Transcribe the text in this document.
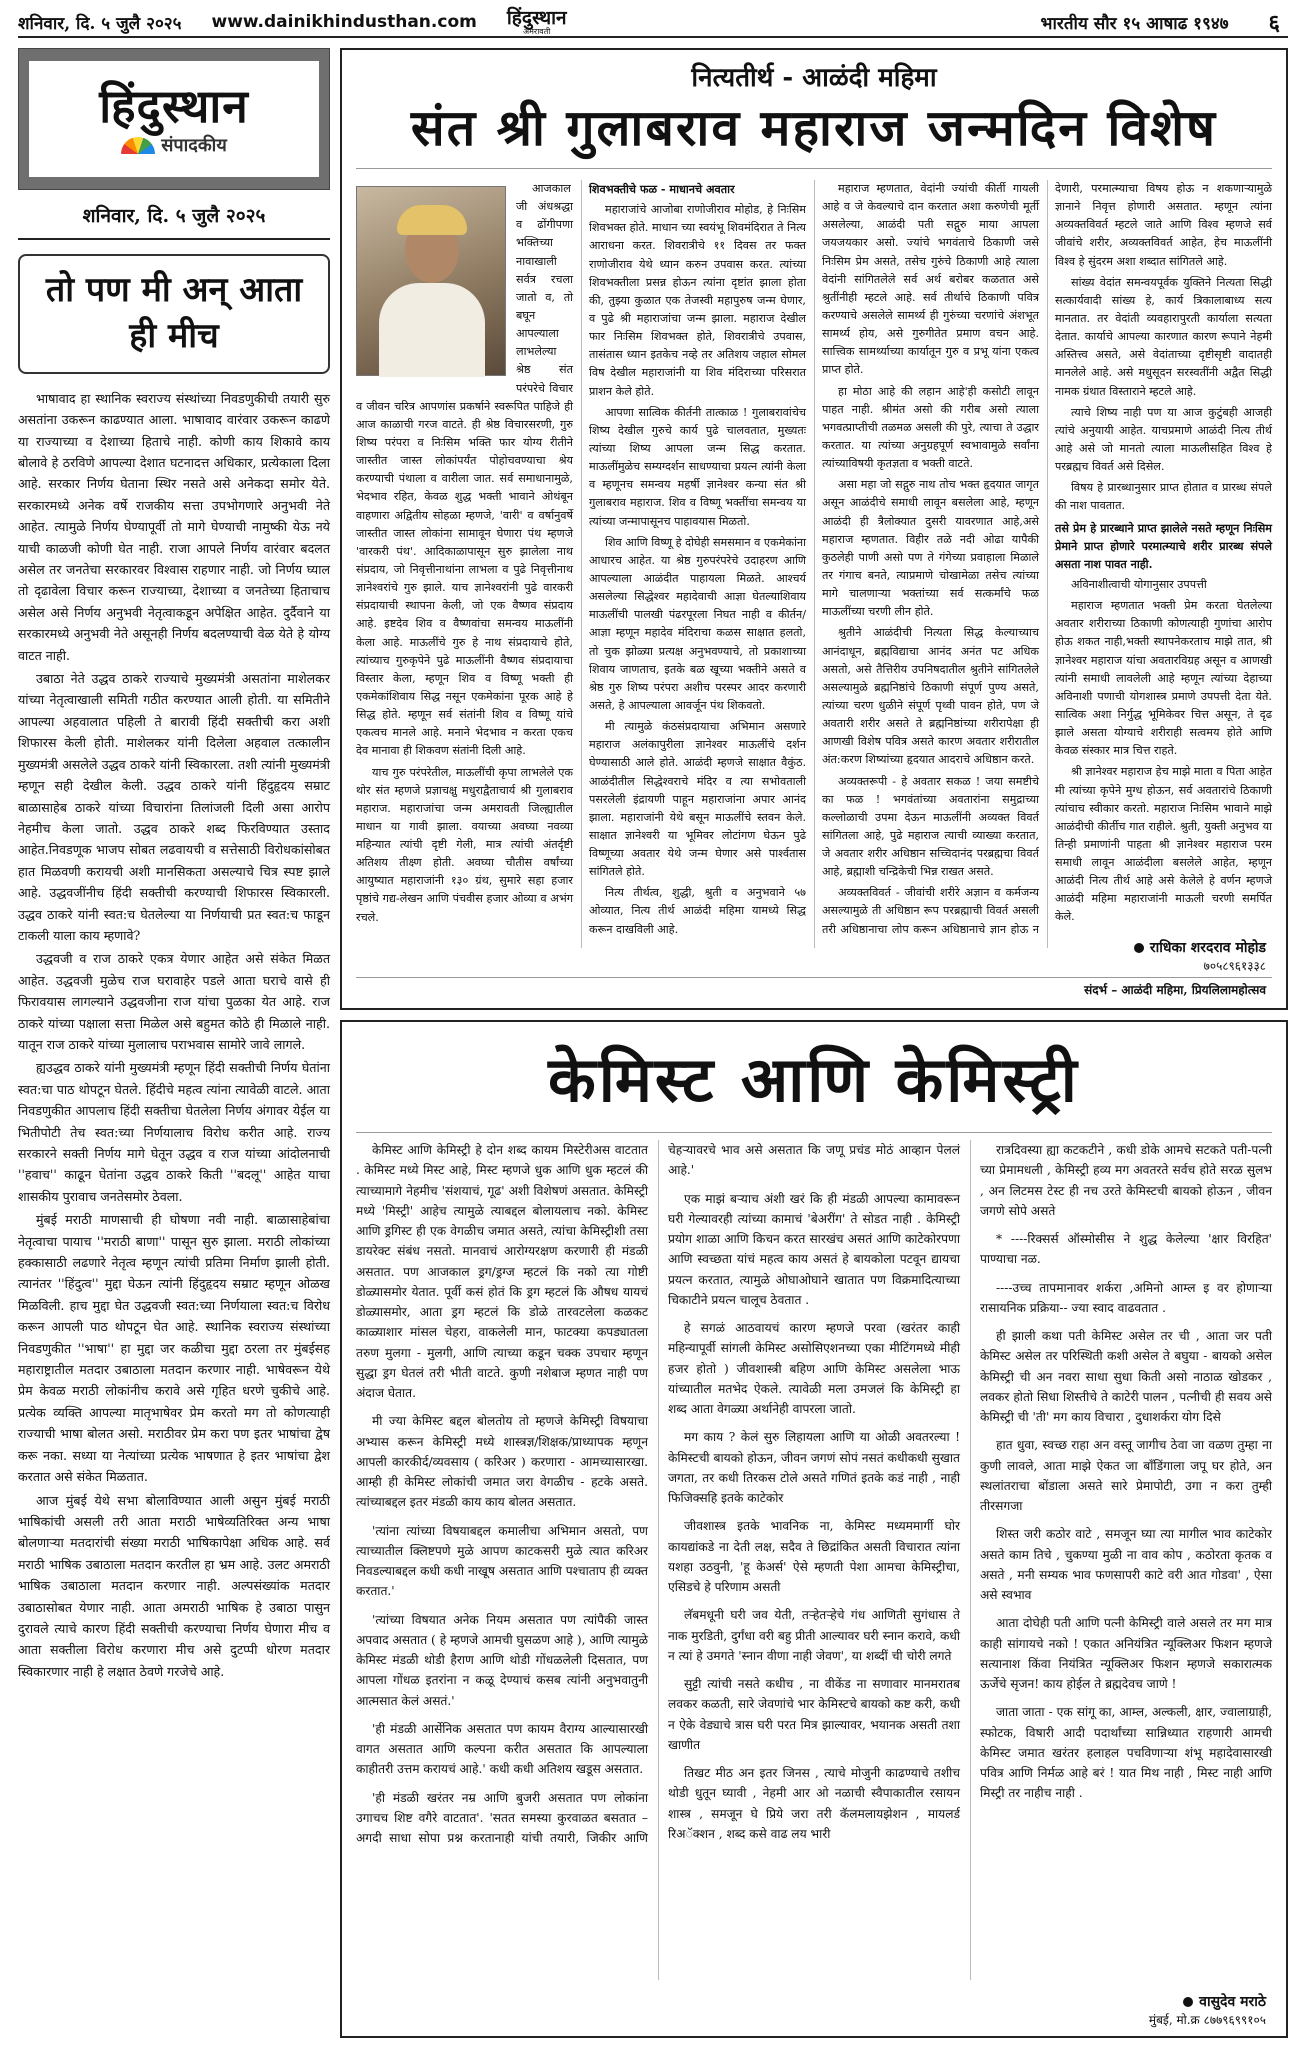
शनिवार, दि. ५ जुलै २०२५ www.dainikhindusthan.com हिंदुस्थान
अमरावती	भारतीय सौर १५ आषाढ १९४७ ६
हिंदुस्थान
संपादकीय
शनिवार, दि. ५ जुलै २०२५
तो पण मी अन् आता ही मीच

भाषावाद हा स्थानिक स्वराज्य संस्थांच्या निवडणुकीची तयारी सुरु असतांना उकरून काढण्यात आला. भाषावाद वारंवार उकरून काढणे या राज्याच्या व देशाच्या हिताचे नाही. कोणी काय शिकावे काय बोलावे हे ठरविणे आपल्या देशात घटनादत्त अधिकार, प्रत्येकाला दिला आहे. सरकार निर्णय घेताना स्थिर नसते असे अनेकदा समोर येते. सरकारमध्ये अनेक वर्षे राजकीय सत्ता उपभोगणारे अनुभवी नेते आहेत. त्यामुळे निर्णय घेण्यापूर्वी तो मागे घेण्याची नामुष्की येऊ नये याची काळजी कोणी घेत नाही. राजा आपले निर्णय वारंवार बदलत असेल तर जनतेचा सरकारवर विश्वास राहणार नाही. जो निर्णय घ्याल तो दृढावेला विचार करून राज्याच्या, देशाच्या व जनतेच्या हिताचाच असेल असे निर्णय अनुभवी नेतृत्वाकडून अपेक्षित आहेत. दुर्दैवाने या सरकारमध्ये अनुभवी नेते असूनही निर्णय बदलण्याची वेळ येते हे योग्य वाटत नाही.

उबाठा नेते उद्धव ठाकरे राज्याचे मुख्यमंत्री असतांना माशेलकर यांच्या नेतृत्वाखाली समिती गठीत करण्यात आली होती. या समितीने आपल्या अहवालात पहिली ते बारावी हिंदी सक्तीची करा अशी शिफारस केली होती. माशेलकर यांनी दिलेला अहवाल तत्कालीन मुख्यमंत्री असलेले उद्धव ठाकरे यांनी स्विकारला. तशी त्यांनी मुख्यमंत्री म्हणून सही देखील केली. उद्धव ठाकरे यांनी हिंदुहृदय सम्राट बाळासाहेब ठाकरे यांच्या विचारांना तिलांजली दिली असा आरोप नेहमीच केला जातो. उद्धव ठाकरे शब्द फिरविण्यात उस्ताद आहेत.निवडणूक भाजप सोबत लढवायची व सत्तेसाठी विरोधकांसोबत हात मिळवणी करायची अशी मानसिकता असल्याचे चित्र स्पष्ट झाले आहे. उद्धवजींनीच हिंदी सक्तीची करण्याची शिफारस स्विकारली. उद्धव ठाकरे यांनी स्वत:च घेतलेल्या या निर्णयाची प्रत स्वत:च फाडून टाकली याला काय म्हणावे?

उद्धवजी व राज ठाकरे एकत्र येणार आहेत असे संकेत मिळत आहेत. उद्धवजी मुळेच राज घरावाहेर पडले आता घराचे वासे ही फिरावयास लागल्याने उद्धवजीना राज यांचा पुळका येत आहे. राज ठाकरे यांच्या पक्षाला सत्ता मिळेल असे बहुमत कोठे ही मिळाले नाही. यातून राज ठाकरे यांच्या मुलालाच पराभवास सामोरे जावे लागले.

ह्यउद्धव ठाकरे यांनी मुख्यमंत्री म्हणून हिंदी सक्तीची निर्णय घेतांना स्वत:चा पाठ थोपटून घेतले. हिंदीचे महत्व त्यांना त्यावेळी वाटले. आता निवडणुकीत आपलाच हिंदी सक्तीचा घेतलेला निर्णय अंगावर येईल या भितीपोटी तेच स्वत:च्या निर्णयालाच विरोध करीत आहे. राज्य सरकारने सक्ती निर्णय मागे घेतून उद्धव व राज यांच्या आंदोलनाची ''हवाच'' काढून घेतांना उद्धव ठाकरे किती ''बदलू'' आहेत याचा शासकीय पुरावाच जनतेसमोर ठेवला.

मुंबई मराठी माणसाची ही घोषणा नवी नाही. बाळासाहेबांचा नेतृत्वाचा पायाच ''मराठी बाणा'' पासून सुरु झाला. मराठी लोकांच्या हक्कासाठी लढणारे नेतृत्व म्हणून त्यांची प्रतिमा निर्माण झाली होती. त्यानंतर ''हिंदुत्व'' मुद्दा घेऊन त्यांनी हिंदुहृदय सम्राट म्हणून ओळख मिळविली. हाच मुद्दा घेत उद्धवजी स्वत:च्या निर्णयाला स्वत:च विरोध करून आपली पाठ थोपटून घेत आहे. स्थानिक स्वराज्य संस्थांच्या निवडणुकीत ''भाषा'' हा मुद्दा जर कळीचा मुद्दा ठरला तर मुंबईसह महाराष्ट्रातील मतदार उबाठाला मतदान करणार नाही. भाषेवरून येथे प्रेम केवळ मराठी लोकांनीच करावे असे गृहित धरणे चुकीचे आहे. प्रत्येक व्यक्ति आपल्या मातृभाषेवर प्रेम करतो मग तो कोणत्याही राज्याची भाषा बोलत असो. मराठीवर प्रेम करा पण इतर भाषांचा द्वेष करू नका. सध्या या नेत्यांच्या प्रत्येक भाषणात हे इतर भाषांचा द्वेश करतात असे संकेत मिळतात.

आज मुंबई येथे सभा बोलाविण्यात आली असुन मुंबई मराठी भाषिकांची असली तरी आता मराठी भाषेव्यतिरिक्त अन्य भाषा बोलणाऱ्या मतदारांची संख्या मराठी भाषिकापेक्षा अधिक आहे. सर्व मराठी भाषिक उबाठाला मतदान करतील हा भ्रम आहे. उलट अमराठी भाषिक उबाठाला मतदान करणार नाही. अल्पसंख्यांक मतदार उबाठासोबत येणार नाही. आता अमराठी भाषिक हे उबाठा पासुन दुरावले त्याचे कारण हिंदी सक्तीची करण्याचा निर्णय घेणारा मीच व आता सक्तीला विरोध करणारा मीच असे दुटप्पी धोरण मतदार स्विकारणार नाही हे लक्षात ठेवणे गरजेचे आहे.

नित्यतीर्थ - आळंदी महिमा
संत श्री गुलाबराव महाराज जन्मदिन विशेष

आजकाल जी अंधश्रद्धा व ढोंगीपणा भक्तिच्या नावाखाली सर्वत्र रचला जातो व, तो बघून आपल्याला लाभलेल्या श्रेष्ठ संत परंपरेचे विचार व जीवन चरित्र आपणांस प्रकर्षाने स्वरूपित पाहिजे ही आज काळाची गरज वाटते. ही श्रेष्ठ विचारसरणी, गुरु शिष्य परंपरा व निःसिम भक्ति फार योग्य रीतीने जास्तीत जास्त लोकांपर्यंत पोहोचवण्याचा श्रेय करण्याची पंथाला व वारीला जात. सर्व समाधानामुळे, भेदभाव रहित, केवळ शुद्ध भक्ती भावाने ओथंबून वाहणारा अद्वितीय सोहळा म्हणजे, 'वारी' व वर्षानुवर्षे जास्तीत जास्त लोकांना सामावून घेणारा पंथ म्हणजे 'वारकरी पंथ'. आदिकाळापासून सुरु झालेला नाथ संप्रदाय, जो निवृत्तीनाथांना लाभला व पुढे निवृत्तीनाथ ज्ञानेश्वरांचे गुरु झाले. याच ज्ञानेश्वरांनी पुढे वारकरी संप्रदायाची स्थापना केली, जो एक वैष्णव संप्रदाय आहे. इष्टदेव शिव व वैष्णवांचा समन्वय माऊलींनी केला आहे. माऊलींचे गुरु हे नाथ संप्रदायाचे होते, त्यांच्याच गुरुकृपेने पुढे माऊलींनी वैष्णव संप्रदायाचा विस्तार केला, म्हणून शिव व विष्णू भक्ती ही एकमेकांशिवाय सिद्ध नसून एकमेकांना पूरक आहे हे सिद्ध होते. म्हणून सर्व संतांनी शिव व विष्णू यांचे एकत्वच मानले आहे. मनाने भेदभाव न करता एकच देव मानावा ही शिकवण संतांनी दिली आहे.

याच गुरु परंपरेतील, माऊलींची कृपा लाभलेले एक थोर संत म्हणजे प्रज्ञाचक्षु मधुराद्वैताचार्य श्री गुलाबराव महाराज. महाराजांचा जन्म अमरावती जिल्ह्यातील माधान या गावी झाला. वयाच्या अवघ्या नवव्या महिन्यात त्यांची दृष्टी गेली, मात्र त्यांची अंतर्दृष्टी अतिशय तीक्ष्ण होती. अवघ्या चौतीस वर्षांच्या आयुष्यात महाराजांनी १३० ग्रंथ, सुमारे सहा हजार पृष्ठांचे गद्य-लेखन आणि पंचवीस हजार ओव्या व अभंग रचले.

शिवभक्तीचे फळ - माधानचे अवतार

महाराजांचे आजोबा राणोजीराव मोहोड, हे निःसिम शिवभक्त होते. माधान च्या स्वयंभू शिवमंदिरात ते नित्य आराधना करत. शिवरात्रीचे ११ दिवस तर फक्त राणोजीराव येथे ध्यान करुन उपवास करत. त्यांच्या शिवभक्तीला प्रसन्न होऊन त्यांना दृष्टांत झाला होता की, तुझ्या कुळात एक तेजस्वी महापुरुष जन्म घेणार, व पुढे श्री महाराजांचा जन्म झाला. महाराज देखील फार निःसिम शिवभक्त होते, शिवरात्रीचे उपवास, तासंतास ध्यान इतकेच नव्हे तर अतिशय जहाल सोमल विष देखील महाराजांनी या शिव मंदिराच्या परिसरात प्राशन केले होते.

आपणा सात्विक कीर्तनी तात्काळ ! गुलाबरावांचेच शिष्य देखील गुरुचे कार्य पुढे चालवतात, मुख्यतः त्यांच्या शिष्य आपला जन्म सिद्ध करतात. माऊलींमुळेच सम्यग्दर्शन साधण्याचा प्रयत्न त्यांनी केला व म्हणूनच समन्वय महर्षी ज्ञानेश्वर कन्या संत श्री गुलाबराव महाराज. शिव व विष्णू भक्तींचा समन्वय या त्यांच्या जन्मापासूनच पाहावयास मिळतो.

शिव आणि विष्णू हे दोघेही समसमान व एकमेकांना आधारच आहेत. या श्रेष्ठ गुरुपरंपरेचे उदाहरण आणि आपल्याला आळंदीत पाहायला मिळते. आश्चर्य असलेल्या सिद्धेश्वर महादेवाची आज्ञा घेतल्याशिवाय माऊलींची पालखी पंढरपूरला निघत नाही व कीर्तन/आज्ञा म्हणून महादेव मंदिराचा कळस साक्षात हलतो, तो चुक झोळ्या प्रत्यक्ष अनुभवण्याचे, तो प्रकाशाच्या शिवाय जाणताच, इतके बळ खूच्या भक्तीने असते व श्रेष्ठ गुरु शिष्य परंपरा अशीच परस्पर आदर करणारी असते, हे आपल्याला आवर्जून पंथ शिकवतो.

मी त्यामुळे कंठसंप्रदायाचा अभिमान असणारे महाराज अलंकापुरीला ज्ञानेश्वर माऊलींचे दर्शन घेण्यासाठी आले होते. आळंदी म्हणजे साक्षात वैकुंठ. आळंदीतील सिद्धेश्वराचे मंदिर व त्या सभोवताली पसरलेली इंद्रायणी पाहून महाराजांना अपार आनंद झाला. महाराजांनी येथे बसून माऊलींचे स्तवन केले. साक्षात ज्ञानेश्वरी या भूमिवर लोटांगण घेऊन पुढे विष्णूच्या अवतार येथे जन्म घेणार असे पार्श्वतास सांगितले होते.

नित्य तीर्थत्व, शुद्धी, श्रुती व अनुभवाने ५७ ओव्यात, नित्य तीर्थ आळंदी महिमा यामध्ये सिद्ध करून दाखविली आहे.

महाराज म्हणतात, वेदांनी ज्यांची कीर्ती गायली आहे व जे केवल्याचे दान करतात अशा करुणेची मूर्ती असलेल्या, आळंदी पती सद्गुरु माया आपला जयजयकार असो. ज्यांचे भगवंताचे ठिकाणी जसे निःसिम प्रेम असते, तसेच गुरुंचे ठिकाणी आहे त्याला वेदांनी सांगितलेले सर्व अर्थ बरोबर कळतात असे श्रुतींनीही म्हटले आहे. सर्व तीर्थाचे ठिकाणी पवित्र करण्याचे असलेले सामर्थ्य ही गुरुंच्या चरणांचे अंशभूत सामर्थ्य होय, असे गुरुगीतेत प्रमाण वचन आहे. सात्त्विक सामर्थ्याच्या कार्यातून गुरु व प्रभू यांना एकत्व प्राप्त होते.

हा मोठा आहे की लहान आहे'ही कसोटी लावून पाहत नाही. श्रीमंत असो की गरीब असो त्याला भगवत्प्राप्तीची तळमळ असली की पुरे, त्याचा ते उद्धार करतात. या त्यांच्या अनुग्रहपूर्ण स्वभावामुळे सर्वांना त्यांच्याविषयी कृतज्ञता व भक्ती वाटते.

असा महा जो सद्गुरु नाथ तोच भक्त हृदयात जागृत असून आळंदीचे समाधी लावून बसलेला आहे, म्हणून आळंदी ही त्रैलोक्यात दुसरी यावरणात आहे,असे महाराज म्हणतात. विहीर तळे नदी ओढा यापैकी कुठलेही पाणी असो पण ते गंगेच्या प्रवाहाला मिळाले तर गंगाच बनते, त्याप्रमाणे चोखामेळा तसेच त्यांच्या मागे चालणाऱ्या भक्तांच्या सर्व सत्कर्मांचे फळ माऊलींच्या चरणी लीन होते.

श्रुतीने आळंदीची नित्यता सिद्ध केल्याच्याच आनंदाधून, ब्रह्मविद्याचा आनंद अनंत पट अधिक असतो, असे तैत्तिरीय उपनिषदातील श्रुतीने सांगितलेले असल्यामुळे ब्रह्मनिष्ठांचे ठिकाणी संपूर्ण पुण्य असते, त्यांच्या चरण धुळीने संपूर्ण पृथ्वी पावन होते, पण जे अवतारी शरीर असते ते ब्रह्मनिष्ठांच्या शरीरापेक्षा ही आणखी विशेष पवित्र असते कारण अवतार शरीरातील अंत:करण शिष्यांच्या हृदयात आदराचे अधिष्ठान करते.

अव्यक्तरूपी - हे अवतार सकळ ! जया समष्टीचे का फळ ! भगवंतांच्या अवतारांना समुद्राच्या कल्लोळाची उपमा देऊन माऊलींनी अव्यक्त विवर्त सांगितला आहे, पुढे महाराज त्याची व्याख्या करतात, जे अवतार शरीर अधिष्ठान सच्चिदानंद परब्रह्मचा विवर्त आहे, ब्रह्माशी चन्द्रिकेची भिन्न राखत असते.

अव्यक्तविवर्त - जीवांची शरीरे अज्ञान व कर्मजन्य असल्यामुळे ती अधिष्ठान रूप परब्रह्माची विवर्त असली तरी अधिष्ठानाचा लोप करून अधिष्ठानाचे ज्ञान होऊ न देणारी, परमात्म्याचा विषय होऊ न शकणाऱ्यामुळे ज्ञानाने निवृत्त होणारी असतात. म्हणून त्यांना अव्यक्तविवर्त म्हटले जाते आणि विश्व म्हणजे सर्व जीवांचे शरीर, अव्यक्तविवर्त आहेत, हेच माऊलींनी विश्व हे सुंदरम अशा शब्दात सांगितले आहे.

सांख्य वेदांत समन्वयपूर्वक युक्तिने नित्यता सिद्धी सत्कार्यवादी सांख्य हे, कार्य त्रिकालाबाध्य सत्य मानतात. तर वेदांती व्यवहारापुरती कार्याला सत्यता देतात. कार्याचे आपल्या कारणात कारण रूपाने नेहमी अस्तित्त्व असते, असे वेदांताच्या दृष्टीसृष्टी वादातही मानलेले आहे. असे मधुसूदन सरस्वतींनी अद्वैत सिद्धी नामक ग्रंथात विस्ताराने म्हटले आहे.

त्याचे शिष्य नाही पण या आज कुटुंबही आजही त्यांचे अनुयायी आहेत. याचप्रमाणे आळंदी नित्य तीर्थ आहे असे जो मानतो त्याला माऊलीसहित विश्व हे परब्रह्मच विवर्त असे दिसेल.

विषय हे प्रारब्धानुसार प्राप्त होतात व प्रारब्ध संपले की नाश पावतात.

तसे प्रेम हे प्रारब्धाने प्राप्त झालेले नसते म्हणून निःसिम प्रेमाने प्राप्त होणारे परमात्म्याचे शरीर प्रारब्ध संपले असता नाश पावत नाही.

अविनाशीत्वाची योगानुसार उपपत्ती

महाराज म्हणतात भक्ती प्रेम करता घेतलेल्या अवतार शरीराच्या ठिकाणी कोणत्याही गुणांचा आरोप होऊ शकत नाही,भक्ती स्थापनेकरताच माझे तात, श्री ज्ञानेश्वर महाराज यांचा अवतारविग्रह असून व आणखी त्यांनी समाधी लावलेली आहे म्हणून त्यांच्या देहाच्या अविनाशी पणाची योगशास्त्र प्रमाणे उपपत्ती देता येते. सात्विक अशा निर्गुद्ध भूमिकेवर चित्त असून, ते दृढ झाले असता योग्याचे शरीराही सत्वमय होते आणि केवळ संस्कार मात्र चित्त राहते.

श्री ज्ञानेश्वर महाराज हेच माझे माता व पिता आहेत मी त्यांच्या कृपेने मुग्ध होऊन, सर्व अवतारांचे ठिकाणी त्यांचाच स्वीकार करतो. महाराज निःसिम भावाने माझे आळंदीची कीर्तीच गात राहीले. श्रुती, युक्ती अनुभव या तिन्ही प्रमाणांनी पाहता श्री ज्ञानेश्वर महाराज परम समाधी लावून आळंदीला बसलेले आहेत, म्हणून आळंदी नित्य तीर्थ आहे असे केलेले हे वर्णन म्हणजे आळंदी महिमा महाराजांनी माऊली चरणी समर्पित केले.

राधिका शरदराव मोहोड
७०५८९६१३३८
संदर्भ – आळंदी महिमा, प्रियलिलामहोत्सव
केमिस्ट आणि केमिस्ट्री

केमिस्ट आणि केमिस्ट्री हे दोन शब्द कायम मिस्टेरीअस वाटतात . केमिस्ट मध्ये मिस्ट आहे, मिस्ट म्हणजे धुक आणि धुक म्हटलं की त्याच्यामागे नेहमीच 'संशयाचं, गूढ' अशी विशेषणं असतात. केमिस्ट्री मध्ये 'मिस्ट्री' आहेच त्यामुळे त्याबद्दल बोलायलाच नको. केमिस्ट आणि ड्रगिस्ट ही एक वेगळीच जमात असते, त्यांचा केमिस्ट्रीशी तसा डायरेक्ट संबंध नसतो. मानवाचं आरोग्यरक्षण करणारी ही मंडळी असतात. पण आजकाल ड्रग/ड्रग्ज म्हटलं कि नको त्या गोष्टी डोळ्यासमोर येतात. पूर्वी कसं होतं कि ड्रग म्हटलं कि औषध यायचं डोळ्यासमोर, आता ड्रग म्हटलं कि डोळे तारवटलेला कळकट काळ्याशार मांसल चेहरा, वाकलेली मान, फाटक्या कपड्यातला तरुण मुलगा - मुलगी, आणि त्याच्या कडून चक्क उपचार म्हणून सुद्धा ड्रग घेतलं तरी भीती वाटते. कुणी नशेबाज म्हणत नाही पण अंदाज घेतात.

मी ज्या केमिस्ट बद्दल बोलतोय तो म्हणजे केमिस्ट्री विषयाचा अभ्यास करून केमिस्ट्री मध्ये शास्त्रज्ञ/शिक्षक/प्राध्यापक म्हणून आपली कारकीर्द/व्यवसाय ( करिअर ) करणारा - आमच्यासारखा. आम्ही ही केमिस्ट लोकांची जमात जरा वेगळीच - हटके असते. त्यांच्याबद्दल इतर मंडळी काय काय बोलत असतात.

'त्यांना त्यांच्या विषयाबद्दल कमालीचा अभिमान असतो, पण त्याच्यातील क्लिष्टपणे मुळे आपण काटकसरी मुळे त्यात करिअर निवडल्याबद्दल कधी कधी नाखूष असतात आणि पश्चाताप ही व्यक्त करतात.'

'त्यांच्या विषयात अनेक नियम असतात पण त्यांपैकी जास्त अपवाद असतात ( हे म्हणजे आमची घुसळण आहे ), आणि त्यामुळे केमिस्ट मंडळी थोडी हैराण आणि थोडी गोंधळलेली दिसतात, पण आपला गोंधळ इतरांना न कळू देण्याचं कसब त्यांनी अनुभवातुनी आत्मसात केलं असतं.'

'ही मंडळी आर्सेनिक असतात पण कायम वैराग्य आल्यासारखी वागत असतात आणि कल्पना करीत असतात कि आपल्याला काहीतरी उत्तम करायचं आहे.' कधी कधी अतिशय खडूस असतात.

'ही मंडळी खरंतर नम्र आणि बुजरी असतात पण लोकांना उगाचच शिष्ट वगैरे वाटतात'. 'सतत समस्या कुरवाळत बसतात – अगदी साधा सोपा प्रश्न करतानाही यांची तयारी, जिकीर आणि चेहऱ्यावरचे भाव असे असतात कि जणू प्रचंड मोठं आव्हान पेललं आहे.'

एक माझं बऱ्याच अंशी खरं कि ही मंडळी आपल्या कामावरून घरी गेल्यावरही त्यांच्या कामाचं 'बेअरींग' ते सोडत नाही . केमिस्ट्री प्रयोग शाळा आणि किचन करत सारखंच असतं आणि काटेकोरपणा आणि स्वच्छता यांचं महत्व काय असतं हे बायकोला पटवून द्यायचा प्रयत्न करतात, त्यामुळे ओघाओघाने खातात पण विक्रमादित्याच्या चिकाटीने प्रयत्न चालूच ठेवतात .

हे सगळं आठवायचं कारण म्हणजे परवा (खरंतर काही महिन्यापूर्वी सांगली केमिस्ट असोसिएशनच्या एका मीटिंगमध्ये मीही हजर होतो ) जीवशास्त्री बहिण आणि केमिस्ट असलेला भाऊ यांच्यातील मतभेद ऐकले. त्यावेळी मला उमजलं कि केमिस्ट्री हा शब्द आता वेगळ्या अर्थानेही वापरला जातो.

मग काय ? केलं सुरु लिहायला आणि या ओळी अवतरल्या ! केमिस्टची बायको होऊन, जीवन जगणं सोपं नसतं कधीकधी सुखात जगता, तर कधी तिरकस टोले असते गणितं इतके कडं नाही , नाही फिजिक्सहि इतके काटेकोर

जीवशास्त्र इतके भावनिक ना, केमिस्ट मध्यममार्गी घोर कायद्यांकडे ना देती लक्ष, सदैव ते छिद्रांकित असती विचारात त्यांना यशहा उठवुनी, 'हू केअर्स' ऐसे म्हणती पेशा आमचा केमिस्ट्रीचा, एसिडचे हे परिणाम असती

लॅबमधूनी घरी जव येती, तऱ्हेतऱ्हेचे गंध आणिती सुगंधास ते नाक मुरडिती, दुर्गंधा वरी बहु प्रीती आल्यावर घरी स्नान करावे, कधी न त्यां हे उमगते 'स्नान वीणा नाही जेवण', या शब्दीं ची चोरी लगते

सुट्टी त्यांची नसते कधीच , ना वीकेंड ना सणावार मानमरातब लवकर कळती, सारे जेवणांचे भार केमिस्टचे बायको कष्ट करी, कधी न ऐके वेड्याचे त्रास घरी परत मित्र झाल्यावर, भयानक असती तशा खाणीत

तिखट मीठ अन इतर जिनस , त्याचे मोजुनी काढण्याचे तशीच थोडी धुतून घ्यावी , नेहमी आर ओ नळाची स्वैपाकातील रसायन शास्त्र , समजून घे प्रिये जरा तरी कॅलमलायझेशन , मायलर्ड रिअॅक्शन , शब्द कसे वाढ लय भारी

रात्रदिवस्या ह्या कटकटीने , कधी डोके आमचे सटकते पती-पत्नी च्या प्रेमामधली , केमिस्ट्री हव्य मग अवतरते सर्वच होते सरळ सुलभ , अन लिटमस टेस्ट ही नच उरते केमिस्टची बायको होऊन , जीवन जगणे सोपे असते

* ----रिक्सर्स ऑस्मोसीस ने शुद्ध केलेल्या 'क्षार विरहित' पाण्याचा नळ.

----उच्च तापमानावर शर्करा ,अमिनो आम्ल इ वर होणाऱ्या रासायनिक प्रक्रिया-- ज्या स्वाद वाढवतात .

ही झाली कथा पती केमिस्ट असेल तर ची , आता जर पती केमिस्ट असेल तर परिस्थिती कशी असेल ते बघुया - बायको असेल केमिस्ट्री ची अन नवरा साधा सुधा किती असो नाठाळ खोडकर , लवकर होतो सिधा शिस्तीचे ते काटेरी पालन , पत्नीची ही सवय असे केमिस्ट्री ची 'ती' मग काय विचारा , दुधाशर्करा योग दिसे

हात धुवा, स्वच्छ राहा अन वस्तू जागीच ठेवा जा वळण तुम्हा ना कुणी लावले, आता माझे ऐकत जा बाँडिंगाला जपू घर होते, अन स्थलांतराचा बोंडाला असते सारे प्रेमापोटी, उगा न करा तुम्ही तीरसगजा

शिस्त जरी कठोर वाटे , समजून घ्या त्या मागील भाव काटेकोर असते काम तिचे , चुकण्या मुळी ना वाव कोप , कठोरता कृतक व असते , मनी सम्यक भाव फणसापरी काटे वरी आत गोडवा' , ऐसा असे स्वभाव

आता दोघेही पती आणि पत्नी केमिस्ट्री वाले असले तर मग मात्र काही सांगायचे नको ! एकात अनियंत्रित न्यूक्लिअर फिशन म्हणजे सत्यानाश किंवा नियंत्रित न्यूक्लिअर फिशन म्हणजे सकारात्मक ऊर्जेचे सृजन! काय होईल ते ब्रह्मदेवच जाणे !

जाता जाता - एक सांगू का, आम्ल, अल्कली, क्षार, ज्वालाग्राही, स्फोटक, विषारी आदी पदार्थांच्या सान्निध्यात राहणारी आमची केमिस्ट जमात खरंतर हलाहल पचविणाऱ्या शंभू महादेवासारखी पवित्र आणि निर्मळ आहे बरं ! यात मिथ नाही , मिस्ट नाही आणि मिस्ट्री तर नाहीच नाही .

वासुदेव मराठे
मुंबई, मो.क्र ८७७९६९९१०५
